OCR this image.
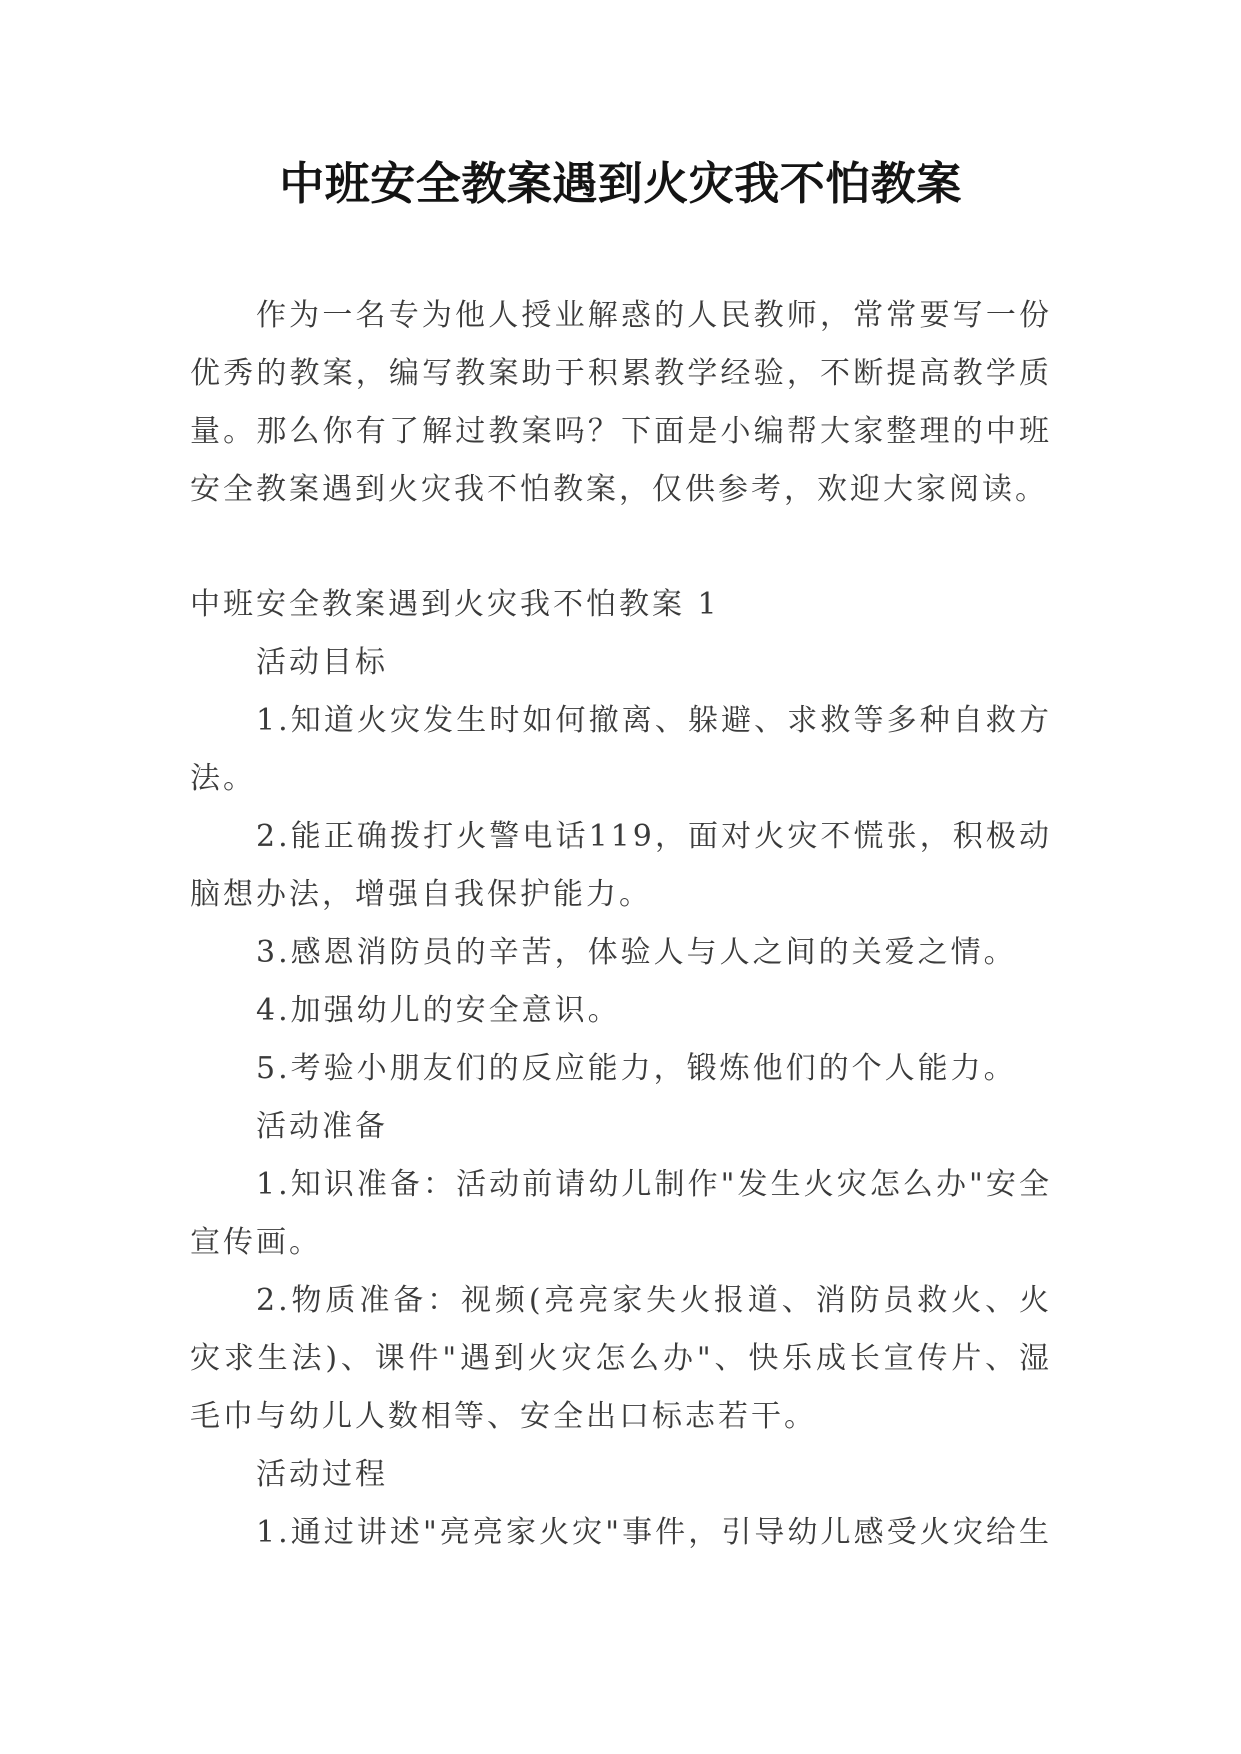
中班安全教案遇到火灾我不怕教案
作为一名专为他人授业解惑的人民教师，常常要写一份
优秀的教案，编写教案助于积累教学经验，不断提高教学质
量。那么你有了解过教案吗？下面是小编帮大家整理的中班
安全教案遇到火灾我不怕教案，仅供参考，欢迎大家阅读。
中班安全教案遇到火灾我不怕教案 1
活动目标
1.知道火灾发生时如何撤离、躲避、求救等多种自救方
法。
2.能正确拨打火警电话119，面对火灾不慌张，积极动
脑想办法，增强自我保护能力。
3.感恩消防员的辛苦，体验人与人之间的关爱之情。
4.加强幼儿的安全意识。
5.考验小朋友们的反应能力，锻炼他们的个人能力。
活动准备
1.知识准备：活动前请幼儿制作"发生火灾怎么办"安全
宣传画。
2.物质准备：视频(亮亮家失火报道、消防员救火、火
灾求生法)、课件"遇到火灾怎么办"、快乐成长宣传片、湿
毛巾与幼儿人数相等、安全出口标志若干。
活动过程
1.通过讲述"亮亮家火灾"事件，引导幼儿感受火灾给生
